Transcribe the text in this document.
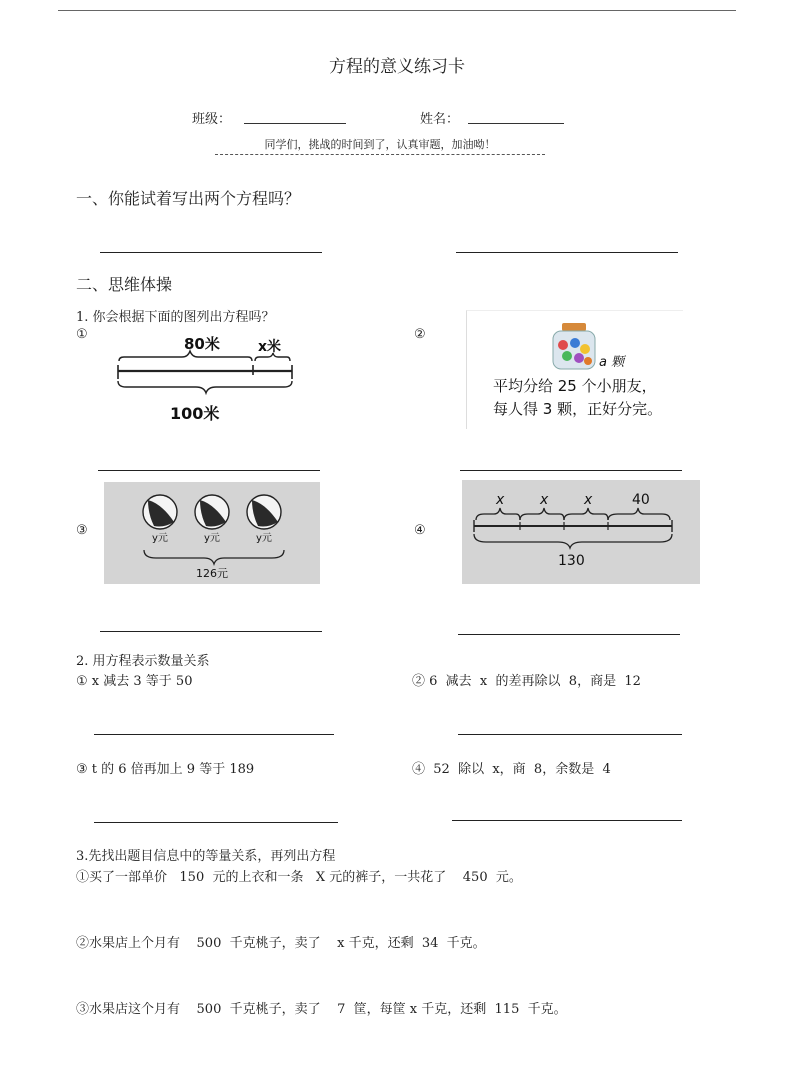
方程的意义练习卡
班级：	姓名：
同学们，挑战的时间到了，认真审题，加油呦！
一、你能试着写出两个方程吗？
二、思维体操
1. 你会根据下面的图列出方程吗？
①
80米	x米
100米
②
a 颗
平均分给 25 个小朋友，
每人得 3 颗，正好分完。
③
y元	y元	y元
126元
④
x	x	x	40
130
2. 用方程表示数量关系
① x 减去 3 等于 50	② 6  减去  x  的差再除以  8，商是  12
③ t 的 6 倍再加上 9 等于 189	④  52  除以  x，商  8，余数是  4
3.先找出题目信息中的等量关系，再列出方程
①买了一部单价   150  元的上衣和一条   X 元的裤子，一共花了    450  元。
②水果店上个月有    500  千克桃子，卖了    x 千克，还剩  34  千克。
③水果店这个月有    500  千克桃子，卖了    7  筐，每筐 x 千克，还剩  115  千克。
